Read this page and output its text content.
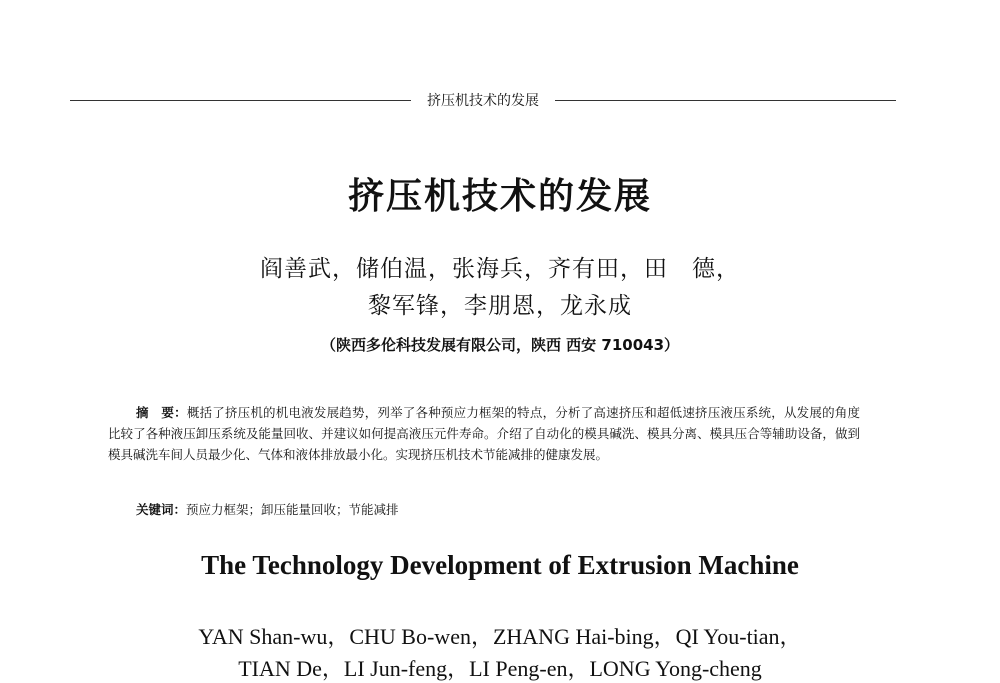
挤压机技术的发展
挤压机技术的发展
阎善武，储伯温，张海兵，齐有田，田　德，
黎军锋，李朋恩，龙永成
（陕西多伦科技发展有限公司，陕西 西安 710043）
摘　要：概括了挤压机的机电液发展趋势，列举了各种预应力框架的特点，分析了高速挤压和超低速挤压液压系统，从发展的角度比较了各种液压卸压系统及能量回收、并建议如何提高液压元件寿命。介绍了自动化的模具碱洗、模具分离、模具压合等辅助设备，做到模具碱洗车间人员最少化、气体和液体排放最小化。实现挤压机技术节能减排的健康发展。
关键词：预应力框架；卸压能量回收；节能减排
The Technology Development of Extrusion Machine
YAN Shan-wu，CHU Bo-wen，ZHANG Hai-bing，QI You-tian，
TIAN De，LI Jun-feng，LI Peng-en，LONG Yong-cheng
